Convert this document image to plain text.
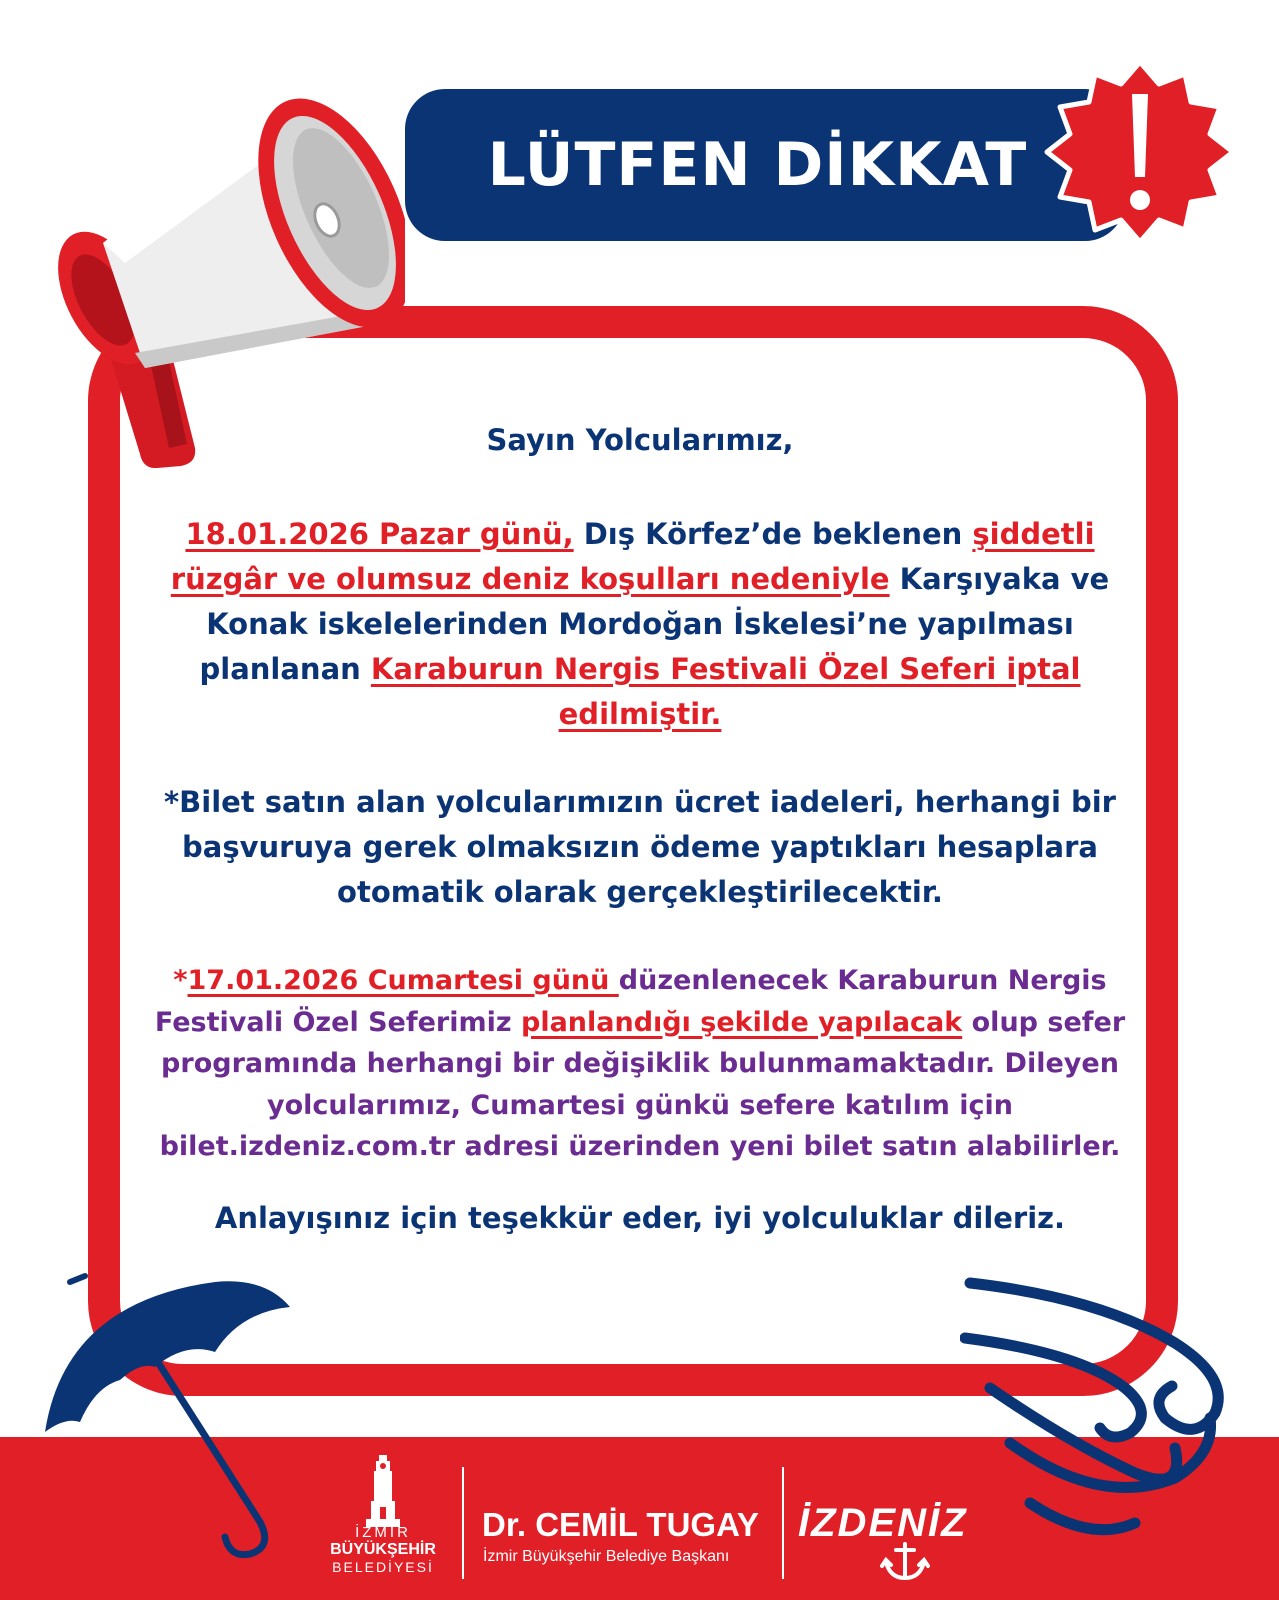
LÜTFEN DİKKAT

Sayın Yolcularımız,

18.01.2026 Pazar günü, Dış Körfez’de beklenen şiddetli rüzgâr ve olumsuz deniz koşulları nedeniyle Karşıyaka ve Konak iskelelerinden Mordoğan İskelesi’ne yapılması planlanan Karaburun Nergis Festivali Özel Seferi iptal edilmiştir.

*Bilet satın alan yolcularımızın ücret iadeleri, herhangi bir başvuruya gerek olmaksızın ödeme yaptıkları hesaplara otomatik olarak gerçekleştirilecektir.

*17.01.2026 Cumartesi günü düzenlenecek Karaburun Nergis Festivali Özel Seferimiz planlandığı şekilde yapılacak olup sefer programında herhangi bir değişiklik bulunmamaktadır. Dileyen yolcularımız, Cumartesi günkü sefere katılım için bilet.izdeniz.com.tr adresi üzerinden yeni bilet satın alabilirler.

Anlayışınız için teşekkür eder, iyi yolculuklar dileriz.

İZMİR
BÜYÜKŞEHİR
BELEDİYESİ
Dr. CEMİL TUGAY
İzmir Büyükşehir Belediye Başkanı
İZDENİZ
